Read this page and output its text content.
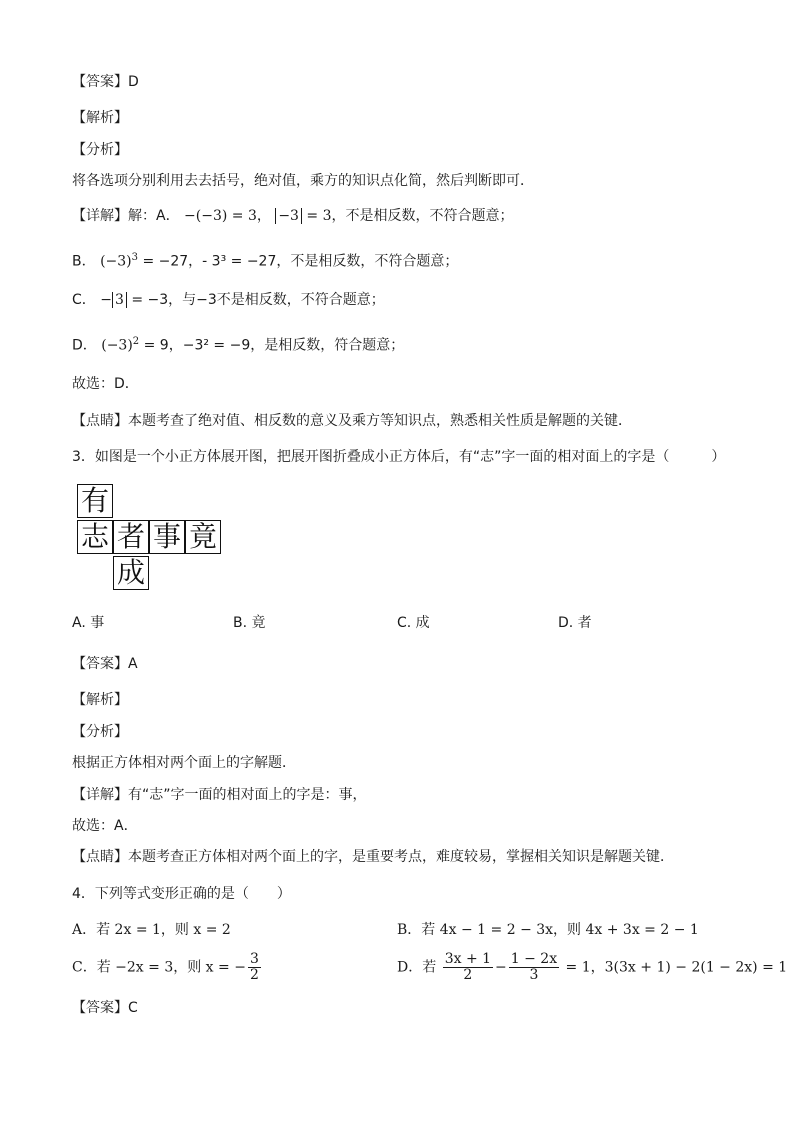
【答案】D
【解析】
【分析】
将各选项分别利用去去括号，绝对值，乘方的知识点化简，然后判断即可．
【详解】解：A． −(−3) = 3， −3 = 3，不是相反数，不符合题意；
B． $(-3)^3 = -27$，- 3³ = −27，不是相反数，不符合题意；
C． − 3 = −3，与−3不是相反数，不符合题意；
D． $(-3)^2 = 9$，−3² = −9，是相反数，符合题意；
故选：D．
【点睛】本题考查了绝对值、相反数的意义及乘方等知识点，熟悉相关性质是解题的关键．
3．如图是一个小正方体展开图，把展开图折叠成小正方体后，有“志”字一面的相对面上的字是（　　　）
有
志 者 事 竟
成
A. 事	B. 竟	C. 成	D. 者
【答案】A
【解析】
【分析】
根据正方体相对两个面上的字解题．
【详解】有“志”字一面的相对面上的字是：事，
故选：A．
【点睛】本题考查正方体相对两个面上的字，是重要考点，难度较易，掌握相关知识是解题关键．
4．下列等式变形正确的是（　　）
A．若 2x = 1，则 x = 2	B．若 4x − 1 = 2 − 3x，则 4x + 3x = 2 − 1
C．若 −2x = 3，则 x = − $\frac{3}{2}$	D．若 $\frac{3x + 1}{2} - \frac{1 - 2x}{3} = 1$，3(3x + 1) − 2(1 − 2x) = 1
【答案】C
